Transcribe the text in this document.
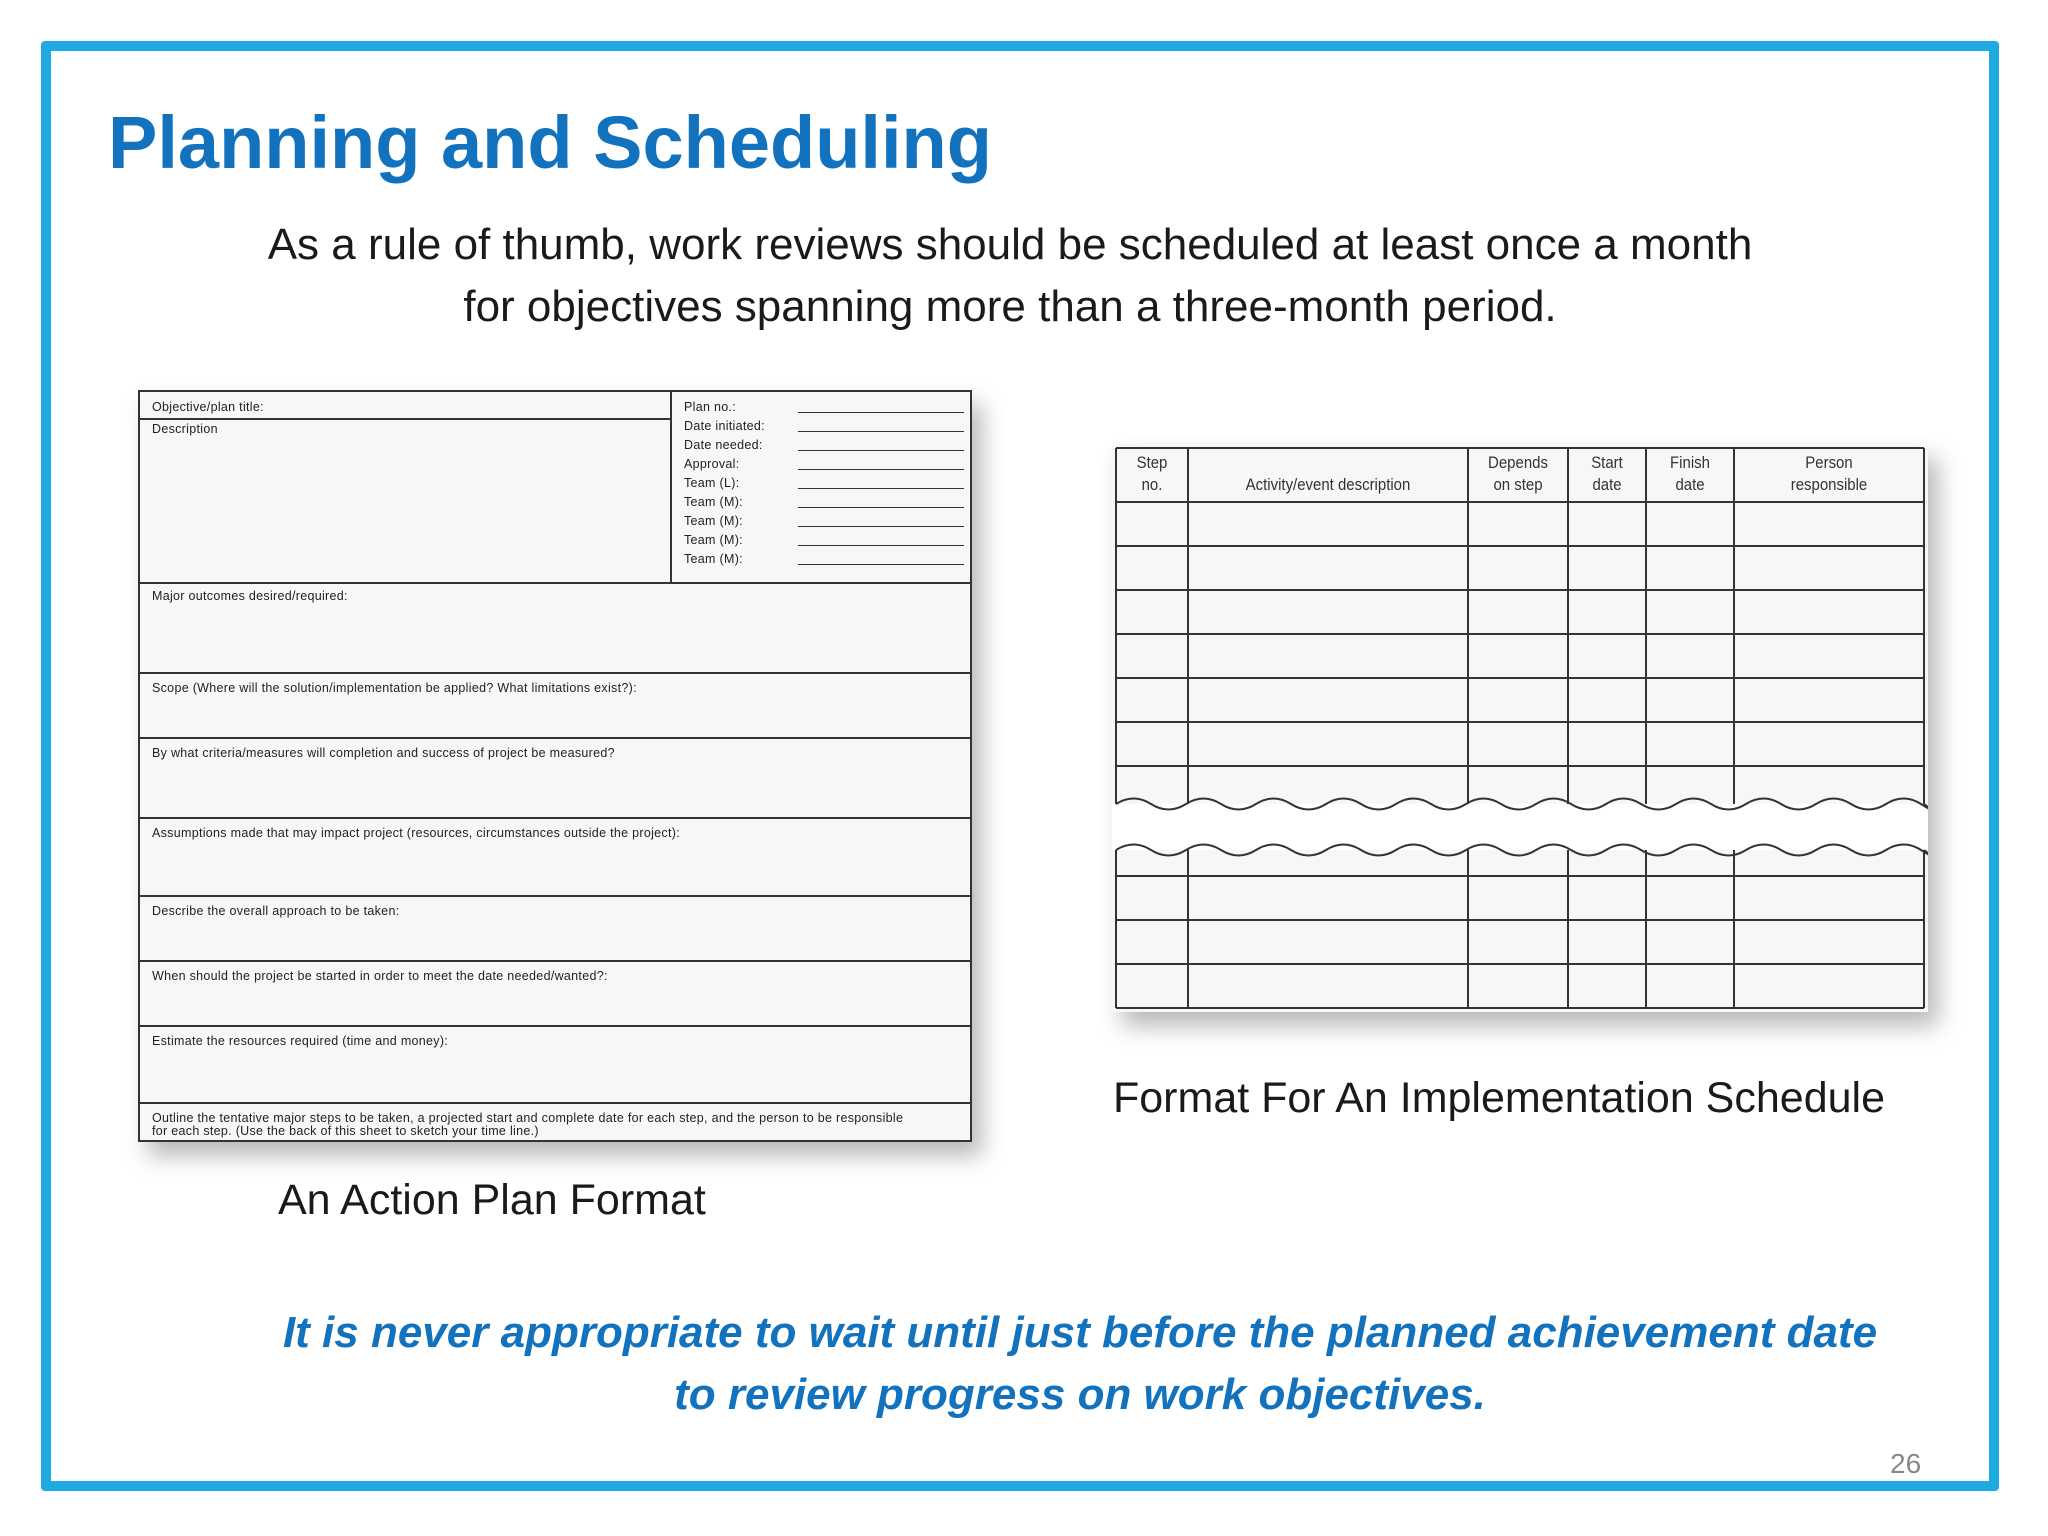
Planning and Scheduling

As a rule of thumb, work reviews should be scheduled at least once a month
for objectives spanning more than a three-month period.

Objective/plan title:
Description
Plan no.:
Date initiated:
Date needed:
Approval:
Team (L):
Team (M):
Team (M):
Team (M):
Team (M):
Major outcomes desired/required:
Scope (Where will the solution/implementation be applied? What limitations exist?):
By what criteria/measures will completion and success of project be measured?
Assumptions made that may impact project (resources, circumstances outside the project):
Describe the overall approach to be taken:
When should the project be started in order to meet the date needed/wanted?:
Estimate the resources required (time and money):
Outline the tentative major steps to be taken, a projected start and complete date for each step, and the person to be responsible for each step. (Use the back of this sheet to sketch your time line.)

An Action Plan Format

Step
no.
	Activity/event description
Depends
on step
Start
date
Finish
date
Person
responsible

Format For An Implementation Schedule

It is never appropriate to wait until just before the planned achievement date
to review progress on work objectives.

26
